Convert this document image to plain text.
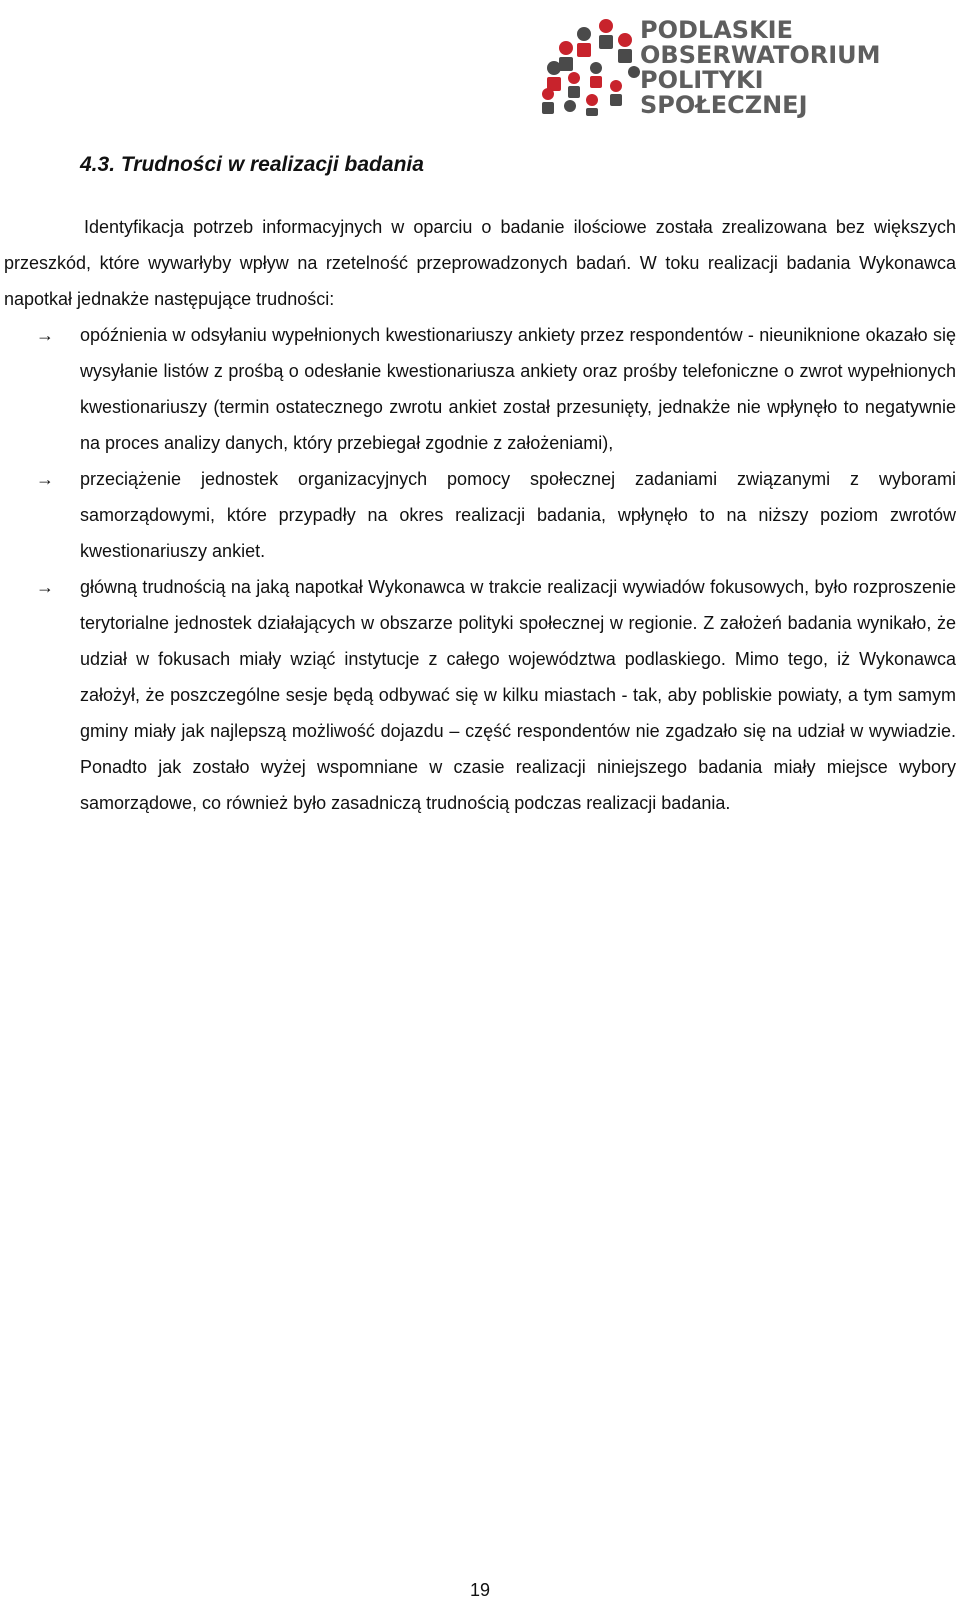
PODLASKIE
OBSERWATORIUM
POLITYKI
SPOŁECZNEJ
4.3. Trudności w realizacji badania

Identyfikacja potrzeb informacyjnych w oparciu o badanie ilościowe została zrealizowana bez większych przeszkód, które wywarłyby wpływ na rzetelność przeprowadzonych badań. W toku realizacji badania Wykonawca napotkał jednakże następujące trudności:

→	opóźnienia w odsyłaniu wypełnionych kwestionariuszy ankiety przez respondentów - nieuniknione okazało się wysyłanie listów z prośbą o odesłanie kwestionariusza ankiety oraz prośby telefoniczne o zwrot wypełnionych kwestionariuszy (termin ostatecznego zwrotu ankiet został przesunięty, jednakże nie wpłynęło to negatywnie na proces analizy danych, który przebiegał zgodnie z założeniami),
→	przeciążenie jednostek organizacyjnych pomocy społecznej zadaniami związanymi z wyborami samorządowymi, które przypadły na okres realizacji badania, wpłynęło to na niższy poziom zwrotów kwestionariuszy ankiet.
→	główną trudnością na jaką napotkał Wykonawca w trakcie realizacji wywiadów fokusowych, było rozproszenie terytorialne jednostek działających w obszarze polityki społecznej w regionie. Z założeń badania wynikało, że udział w fokusach miały wziąć instytucje z całego województwa podlaskiego. Mimo tego, iż Wykonawca założył, że poszczególne sesje będą odbywać się w kilku miastach - tak, aby pobliskie powiaty, a tym samym gminy miały jak najlepszą możliwość dojazdu – część respondentów nie zgadzało się na udział w wywiadzie. Ponadto jak zostało wyżej wspomniane w czasie realizacji niniejszego badania miały miejsce wybory samorządowe, co również było zasadniczą trudnością podczas realizacji badania.
19
